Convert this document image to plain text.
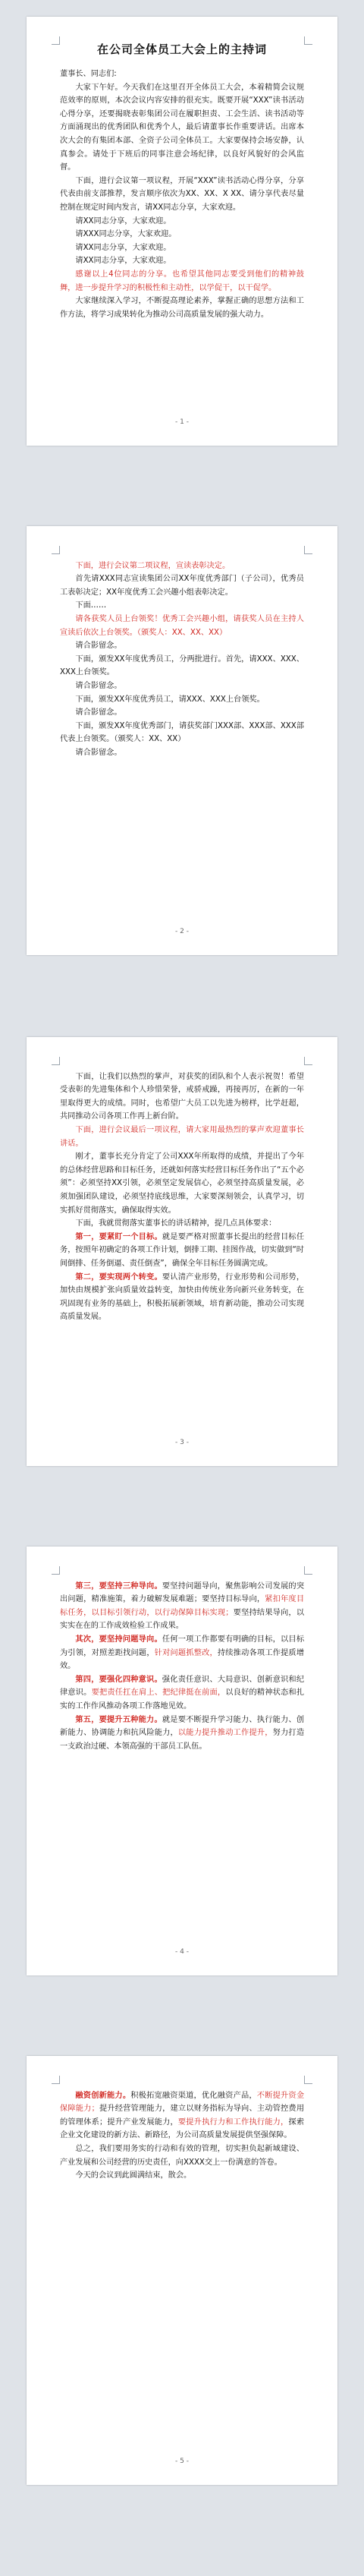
在公司全体员工大会上的主持词

董事长、同志们:

大家下午好。今天我们在这里召开全体员工大会，本着精简会议规范效率的原则，本次会议内容安排的很充实。既要开展“XXX”读书活动心得分享，还要揭晓表彰集团公司在履职担责、工会生活、读书活动等方面涌现出的优秀团队和优秀个人，最后请董事长作重要讲话。出席本次大会的有集团本部、全资子公司全体员工。大家要保持会场安静，认真参会。请处于下班后的同事注意会场纪律，以良好风貌好的会风监督。

下面，进行会议第一项议程，开展“XXX”读书活动心得分享，分享代表由前支部推荐，发言顺序依次为XX、XX、X XX、请分享代表尽量控制在规定时间内发言，请XX同志分享，大家欢迎。

请XX同志分享，大家欢迎。

请XXX同志分享，大家欢迎。

请XX同志分享，大家欢迎。

请XX同志分享，大家欢迎。

感谢以上4位同志的分享。也希望其他同志要受到他们的精神鼓舞，进一步提升学习的积极性和主动性，以学促干，以干促学。

大家继续深入学习，不断提高理论素养，掌握正确的思想方法和工作方法，将学习成果转化为推动公司高质量发展的强大动力。

- 1 -

下面，进行会议第二项议程，宣读表彰决定。

首先请XXX同志宣读集团公司XX年度优秀部门（子公司），优秀员工表彰决定；XX年度优秀工会兴趣小组表彰决定。

下面……

请各获奖人员上台领奖！优秀工会兴趣小组，请获奖人员在主持人宣读后依次上台领奖。（颁奖人：XX、XX、XX）

请合影留念。

下面，颁发XX年度优秀员工，分两批进行。首先，请XXX、XXX、XXX上台领奖。

请合影留念。

下面，颁发XX年度优秀员工，请XXX、XXX上台领奖。

请合影留念。

下面，颁发XX年度优秀部门，请获奖部门XXX部、XXX部、XXX部代表上台领奖。（颁奖人：XX、XX）

请合影留念。

- 2 -

下面，让我们以热烈的掌声，对获奖的团队和个人表示祝贺！希望受表彰的先进集体和个人珍惜荣誉，戒骄戒躁，再接再厉，在新的一年里取得更大的成绩。同时，也希望广大员工以先进为榜样，比学赶超，共同推动公司各项工作再上新台阶。

下面，进行会议最后一项议程，请大家用最热烈的掌声欢迎董事长讲话。

刚才，董事长充分肯定了公司XXX年所取得的成绩，并提出了今年的总体经营思路和目标任务，还就如何落实经营目标任务作出了“五个必须”：必须坚持XX引领，必须坚定发展信心，必须坚持高质量发展，必须加强团队建设，必须坚持底线思维，大家要深刻领会，认真学习，切实抓好贯彻落实，确保取得实效。

下面，我就贯彻落实董事长的讲话精神，提几点具体要求：

第一，要紧盯一个目标。就是要严格对照董事长提出的经营目标任务，按照年初确定的各项工作计划，倒排工期、挂图作战，切实做到“时间倒排、任务倒逼、责任倒查”，确保全年目标任务圆满完成。

第二，要实现两个转变。要认清产业形势，行业形势和公司形势，加快由规模扩张向质量效益转变，加快由传统业务向新兴业务转变，在巩固现有业务的基础上，积极拓展新领域，培育新动能，推动公司实现高质量发展。

- 3 -

第三，要坚持三种导向。要坚持问题导向，聚焦影响公司发展的突出问题，精准施策，着力破解发展难题；要坚持目标导向，紧扣年度目标任务，以目标引领行动，以行动保障目标实现；要坚持结果导向，以实实在在的工作成效检验工作成果。

其次，要坚持问题导向。任何一项工作都要有明确的目标，以目标为引领，对照差距找问题，针对问题抓整改，持续推动各项工作提质增效。

第四，要强化四种意识。强化责任意识、大局意识、创新意识和纪律意识。要把责任扛在肩上、把纪律挺在前面，以良好的精神状态和扎实的工作作风推动各项工作落地见效。

第五，要提升五种能力。就是要不断提升学习能力、执行能力、创新能力、协调能力和抗风险能力，以能力提升推动工作提升，努力打造一支政治过硬、本领高强的干部员工队伍。

- 4 -

融资创新能力。积极拓宽融资渠道，优化融资产品，不断提升资金保障能力；提升经营管理能力，建立以财务指标为导向、主动管控费用的管理体系；提升产业发展能力，要提升执行力和工作执行能力，探索企业文化建设的新方法、新路径，为公司高质量发展提供坚强保障。

总之，我们要用务实的行动和有效的管理，切实担负起新域建设、产业发展和公司经营的历史责任，向XXXX交上一份满意的答卷。

今天的会议到此圆满结束，散会。

- 5 -
